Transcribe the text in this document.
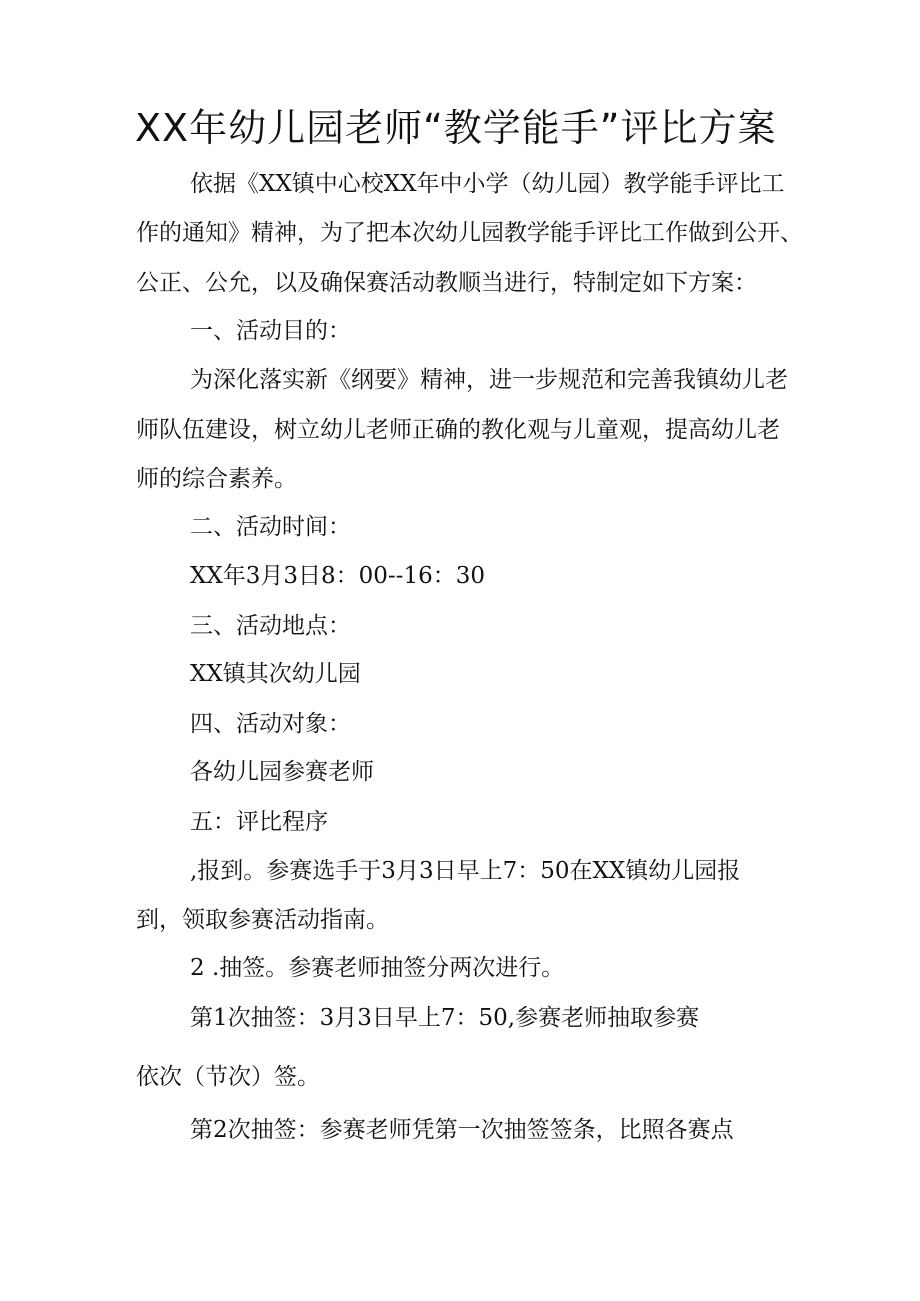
XX年幼儿园老师“教学能手”评比方案

依据《XX镇中心校XX年中小学（幼儿园）教学能手评比工

作的通知》精神，为了把本次幼儿园教学能手评比工作做到公开、

公正、公允，以及确保赛活动教顺当进行，特制定如下方案：

一、活动目的：

为深化落实新《纲要》精神，进一步规范和完善我镇幼儿老

师队伍建设，树立幼儿老师正确的教化观与儿童观，提高幼儿老

师的综合素养。

二、活动时间：

XX年3月3日8：00--16：30

三、活动地点：

XX镇其次幼儿园

四、活动对象：

各幼儿园参赛老师

五：评比程序

,报到。参赛选手于3月3日早上7：50在XX镇幼儿园报

到，领取参赛活动指南。

2 .抽签。参赛老师抽签分两次进行。

第1次抽签：3月3日早上7：50,参赛老师抽取参赛

依次（节次）签。

第2次抽签：参赛老师凭第一次抽签签条，比照各赛点
